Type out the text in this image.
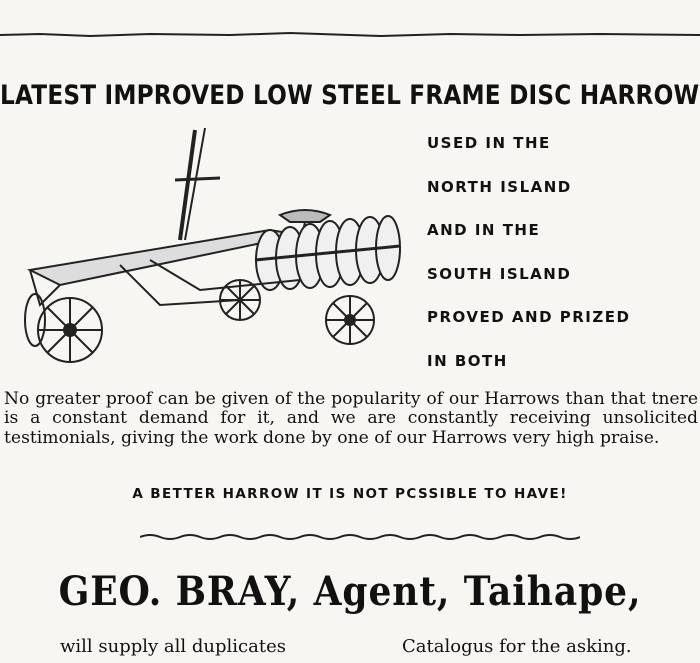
LATEST IMPROVED LOW STEEL FRAME DISC HARROW
USED IN THE
NORTH ISLAND
AND IN THE
SOUTH ISLAND
PROVED AND PRIZED
IN BOTH
No greater proof can be given of the popularity of our Harrows than that tnere is a constant demand for it, and we are constantly receiving unsolicited testimonials, giving the work done by one of our Harrows very high praise.
A BETTER HARROW IT IS NOT PCSSIBLE TO HAVE!
GEO. BRAY, Agent, Taihape,
will supply all duplicates	Catalogus for the asking.
